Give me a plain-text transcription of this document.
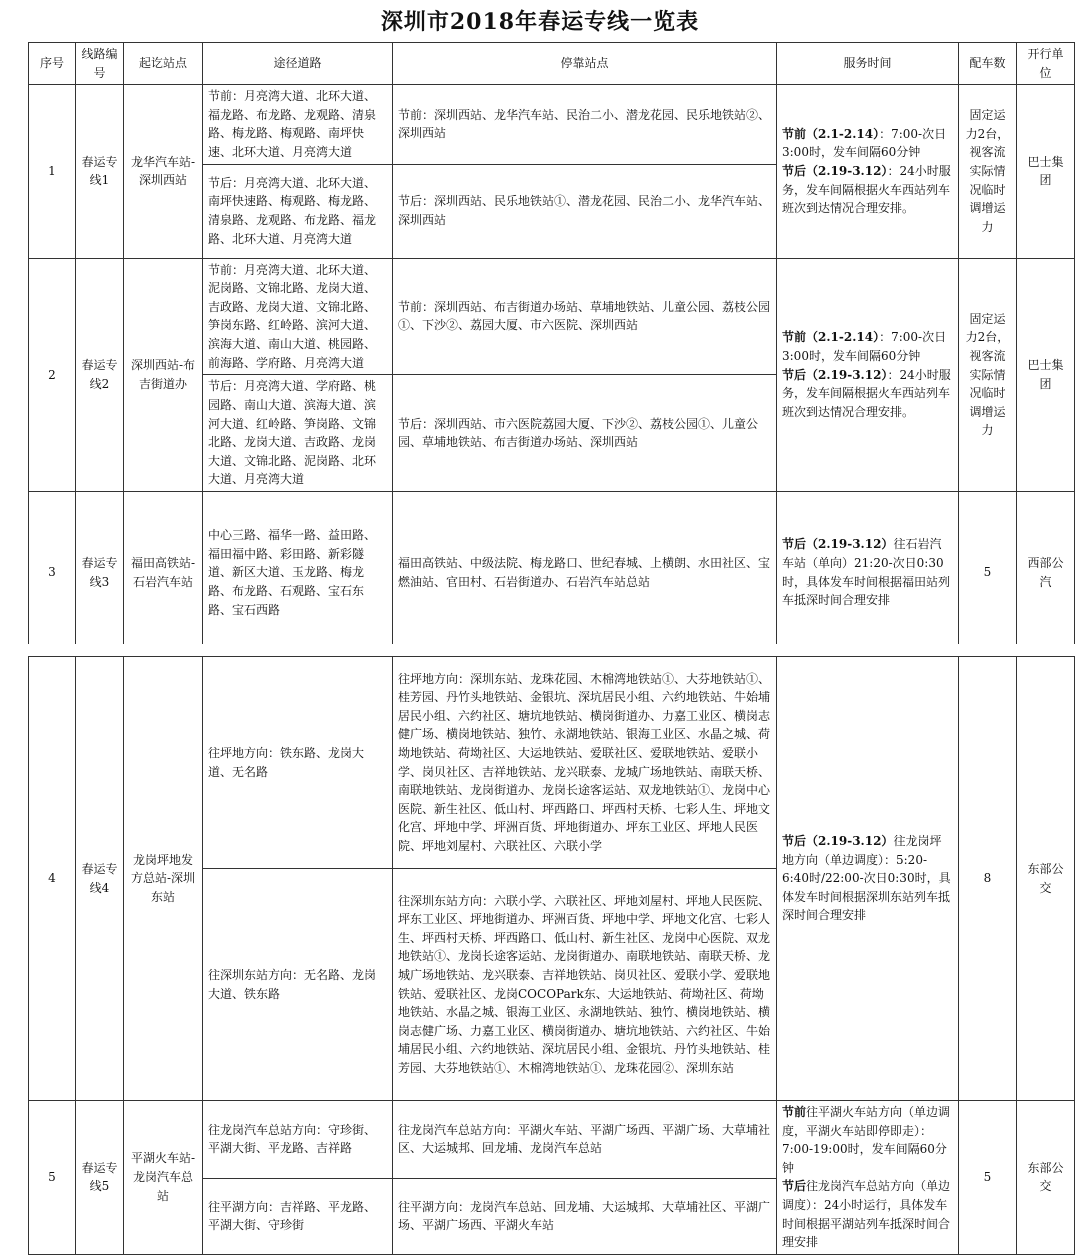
深圳市2018年春运专线一览表
序号	线路编号	起讫站点	途径道路	停靠站点	服务时间	配车数	开行单位
1	春运专线1	龙华汽车站-深圳西站	节前：月亮湾大道、北环大道、福龙路、布龙路、龙观路、清泉路、梅龙路、梅观路、南坪快速、北环大道、月亮湾大道	节前：深圳西站、龙华汽车站、民治二小、潜龙花园、民乐地铁站②、深圳西站	节前（2.1-2.14）：7:00-次日3:00时，发车间隔60分钟
节后（2.19-3.12）：24小时服务，发车间隔根据火车西站列车班次到达情况合理安排。	固定运力2台，视客流实际情况临时调增运力	巴士集团
			节后：月亮湾大道、北环大道、南坪快速路、梅观路、梅龙路、清泉路、龙观路、布龙路、福龙路、北环大道、月亮湾大道	节后：深圳西站、民乐地铁站①、潜龙花园、民治二小、龙华汽车站、深圳西站			
2	春运专线2	深圳西站-布吉街道办	节前：月亮湾大道、北环大道、泥岗路、文锦北路、龙岗大道、吉政路、龙岗大道、文锦北路、笋岗东路、红岭路、滨河大道、滨海大道、南山大道、桃园路、前海路、学府路、月亮湾大道	节前：深圳西站、布吉街道办场站、草埔地铁站、儿童公园、荔枝公园①、下沙②、荔园大厦、市六医院、深圳西站	节前（2.1-2.14）：7:00-次日3:00时，发车间隔60分钟
节后（2.19-3.12）：24小时服务，发车间隔根据火车西站列车班次到达情况合理安排。	固定运力2台，视客流实际情况临时调增运力	巴士集团
			节后：月亮湾大道、学府路、桃园路、南山大道、滨海大道、滨河大道、红岭路、笋岗路、文锦北路、龙岗大道、吉政路、龙岗大道、文锦北路、泥岗路、北环大道、月亮湾大道	节后：深圳西站、市六医院荔园大厦、下沙②、荔枝公园①、儿童公园、草埔地铁站、布吉街道办场站、深圳西站			
3	春运专线3	福田高铁站-石岩汽车站	中心三路、福华一路、益田路、福田福中路、彩田路、新彩隧道、新区大道、玉龙路、梅龙路、布龙路、石观路、宝石东路、宝石西路	福田高铁站、中级法院、梅龙路口、世纪春城、上横朗、水田社区、宝燃油站、官田村、石岩街道办、石岩汽车站总站	节后（2.19-3.12）往石岩汽车站（单向）21:20-次日0:30时，具体发车时间根据福田站列车抵深时间合理安排	5	西部公汽
4	春运专线4	龙岗坪地发方总站-深圳东站	往坪地方向：铁东路、龙岗大道、无名路	往坪地方向：深圳东站、龙珠花园、木棉湾地铁站①、大芬地铁站①、桂芳园、丹竹头地铁站、金银坑、深坑居民小组、六约地铁站、牛始埔居民小组、六约社区、塘坑地铁站、横岗街道办、力嘉工业区、横岗志健广场、横岗地铁站、独竹、永湖地铁站、银海工业区、水晶之城、荷坳地铁站、荷坳社区、大运地铁站、爱联社区、爱联地铁站、爱联小学、岗贝社区、吉祥地铁站、龙兴联泰、龙城广场地铁站、南联天桥、南联地铁站、龙岗街道办、龙岗长途客运站、双龙地铁站①、龙岗中心医院、新生社区、低山村、坪西路口、坪西村天桥、七彩人生、坪地文化宫、坪地中学、坪洲百货、坪地街道办、坪东工业区、坪地人民医院、坪地刘屋村、六联社区、六联小学	节后（2.19-3.12）往龙岗坪地方向（单边调度）：5:20-6:40时/22:00-次日0:30时，具体发车时间根据深圳东站列车抵深时间合理安排	8	东部公交
			往深圳东站方向：无名路、龙岗大道、铁东路	往深圳东站方向：六联小学、六联社区、坪地刘屋村、坪地人民医院、坪东工业区、坪地街道办、坪洲百货、坪地中学、坪地文化宫、七彩人生、坪西村天桥、坪西路口、低山村、新生社区、龙岗中心医院、双龙地铁站①、龙岗长途客运站、龙岗街道办、南联地铁站、南联天桥、龙城广场地铁站、龙兴联泰、吉祥地铁站、岗贝社区、爱联小学、爱联地铁站、爱联社区、龙岗COCOPark东、大运地铁站、荷坳社区、荷坳地铁站、水晶之城、银海工业区、永湖地铁站、独竹、横岗地铁站、横岗志健广场、力嘉工业区、横岗街道办、塘坑地铁站、六约社区、牛始埔居民小组、六约地铁站、深坑居民小组、金银坑、丹竹头地铁站、桂芳园、大芬地铁站①、木棉湾地铁站①、龙珠花园②、深圳东站			
5	春运专线5	平湖火车站-龙岗汽车总站	往龙岗汽车总站方向：守珍街、平湖大街、平龙路、吉祥路	往龙岗汽车总站方向：平湖火车站、平湖广场西、平湖广场、大草埔社区、大运城邦、回龙埔、龙岗汽车总站	节前往平湖火车站方向（单边调度，平湖火车站即停即走）：7:00-19:00时，发车间隔60分钟
节后往龙岗汽车总站方向（单边调度）：24小时运行，具体发车时间根据平湖站列车抵深时间合理安排	5	东部公交
			往平湖方向：吉祥路、平龙路、平湖大街、守珍街	往平湖方向：龙岗汽车总站、回龙埔、大运城邦、大草埔社区、平湖广场、平湖广场西、平湖火车站			
